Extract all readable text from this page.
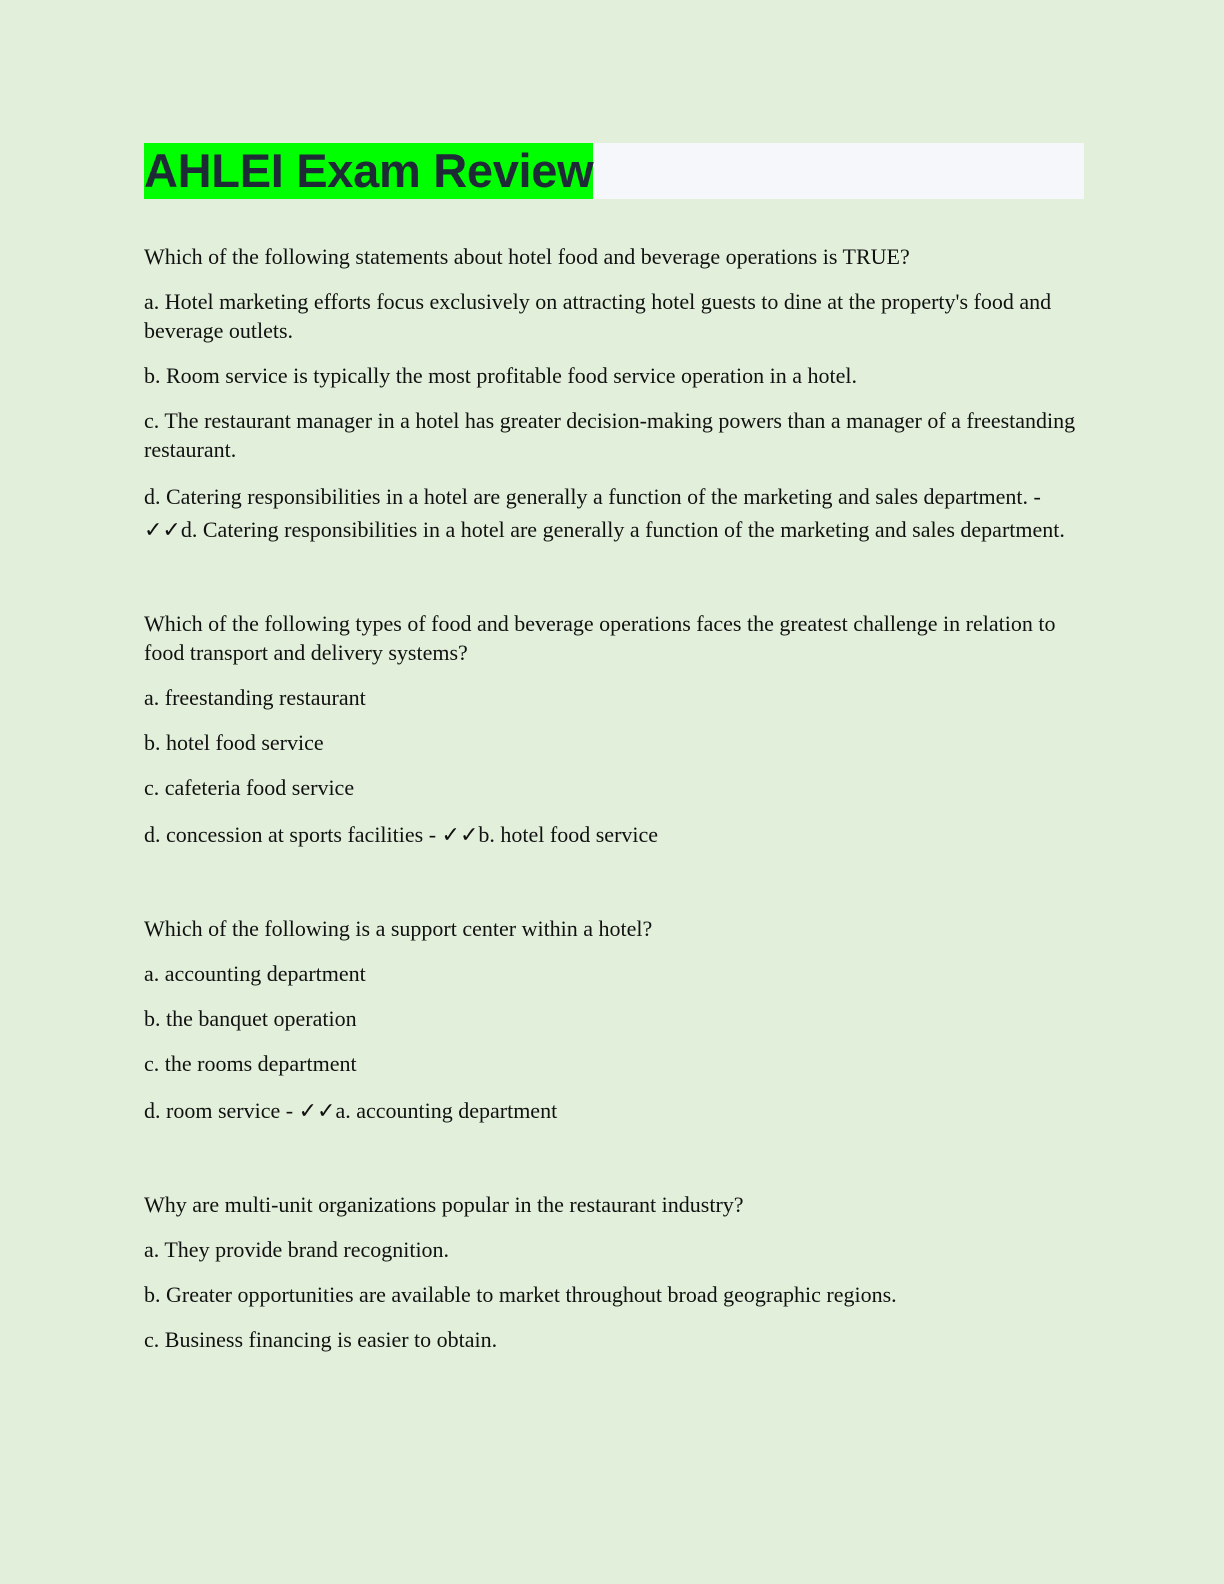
AHLEI Exam Review

Which of the following statements about hotel food and beverage operations is TRUE?

a. Hotel marketing efforts focus exclusively on attracting hotel guests to dine at the property's food and beverage outlets.

b. Room service is typically the most profitable food service operation in a hotel.

c. The restaurant manager in a hotel has greater decision-making powers than a manager of a freestanding restaurant.

d. Catering responsibilities in a hotel are generally a function of the marketing and sales department. - ✓✓d. Catering responsibilities in a hotel are generally a function of the marketing and sales department.

Which of the following types of food and beverage operations faces the greatest challenge in relation to food transport and delivery systems?

a. freestanding restaurant

b. hotel food service

c. cafeteria food service

d. concession at sports facilities - ✓✓b. hotel food service

Which of the following is a support center within a hotel?

a. accounting department

b. the banquet operation

c. the rooms department

d. room service - ✓✓a. accounting department

Why are multi-unit organizations popular in the restaurant industry?

a. They provide brand recognition.

b. Greater opportunities are available to market throughout broad geographic regions.

c. Business financing is easier to obtain.
